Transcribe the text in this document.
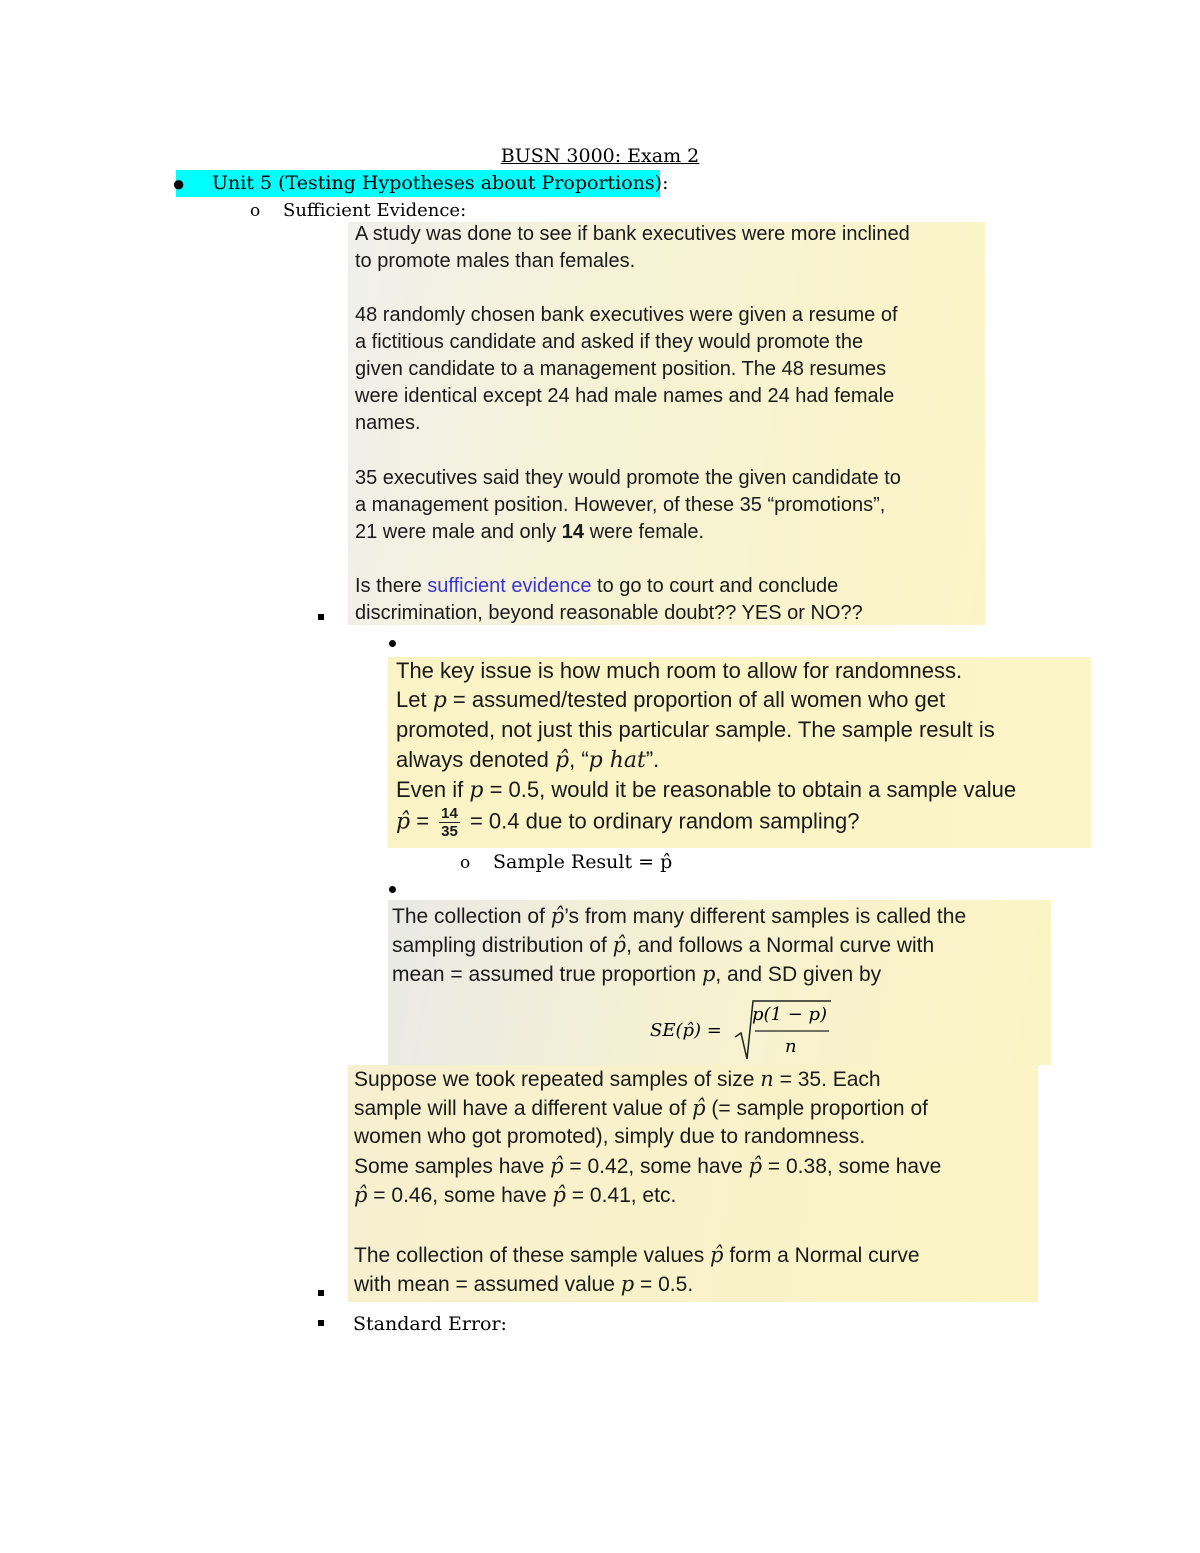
BUSN 3000: Exam 2
● Unit 5 (Testing Hypotheses about Proportions):
o Sufficient Evidence:
A study was done to see if bank executives were more inclined
to promote males than females.
48 randomly chosen bank executives were given a resume of
a fictitious candidate and asked if they would promote the
given candidate to a management position. The 48 resumes
were identical except 24 had male names and 24 had female
names.
35 executives said they would promote the given candidate to
a management position. However, of these 35 “promotions”,
21 were male and only 14 were female.
Is there sufficient evidence to go to court and conclude
discrimination, beyond reasonable doubt?? YES or NO??
The key issue is how much room to allow for randomness.
Let p = assumed/tested proportion of all women who get
promoted, not just this particular sample. The sample result is
always denoted p̂, “p hat”.
Even if p = 0.5, would it be reasonable to obtain a sample value
p̂ = $\frac{14}{35} = 0.4$ due to ordinary random sampling?
o Sample Result = p̂
The collection of p̂’s from many different samples is called the
sampling distribution of p̂, and follows a Normal curve with
mean = assumed true proportion p, and SD given by
SE(p̂) =
p(1 − p)
n
Suppose we took repeated samples of size n = 35. Each
sample will have a different value of p̂ (= sample proportion of
women who got promoted), simply due to randomness.
Some samples have p̂ = 0.42, some have p̂ = 0.38, some have
p̂ = 0.46, some have p̂ = 0.41, etc.
The collection of these sample values p̂ form a Normal curve
with mean = assumed value p = 0.5.
Standard Error:
